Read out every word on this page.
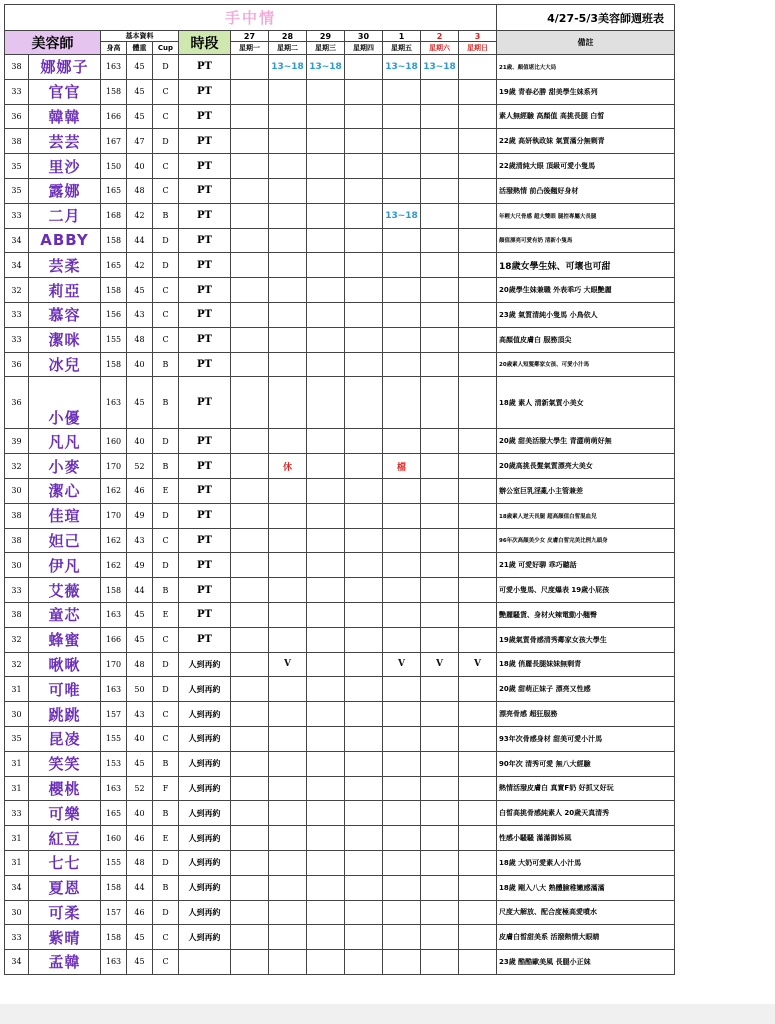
手中情													4/27-5/3美容師週班表
美容師		基本資料			時段	27	28	29	30	1	2	3	備註
		身高	體重	Cup		星期一	星期二	星期三	星期四	星期五	星期六	星期日	
38	娜娜子	163	45	D	PT		13~18	13~18		13~18	13~18		21歲、顏值堪比大大局
33	官官	158	45	C	PT								19歲 青春必勝 甜美學生妹系列
36	韓韓	166	45	C	PT								素人無經驗 高顏值 高挑長腿 白皙
38	芸芸	167	47	D	PT								22歲 高妍執政妹 氣質滿分無剩青
35	里沙	150	40	C	PT								22歲清純大眼 頂級可愛小隻馬
35	露娜	165	48	C	PT								活潑熱情 前凸後翹好身材
33	二月	168	42	B	PT					13~18			年輕大尺骨感 超大雙眼 腿控專屬大長腿
34	ABBY	158	44	D	PT								顏值漂亮可愛有奶 清新小隻馬
34	芸柔	165	42	D	PT								18歲女學生妹、可壞也可甜
32	莉亞	158	45	C	PT								20歲學生妹兼職 外表乖巧 大眼艷麗
33	慕容	156	43	C	PT								23歲 氣質清純小隻馬 小鳥依人
33	潔咪	155	48	C	PT								高顏值皮膚白 服務頂尖
36	冰兒	158	40	B	PT								20歲素人短髮鄰家女孩、可愛小汁馬
36	小優	163	45	B	PT								18歲 素人 清新氣質小美女
39	凡凡	160	40	D	PT								20歲 甜美活潑大學生 青澀萌萌好無
32	小麥	170	52	B	PT		休			檔			20歲高挑長髮氣質漂亮大美女
30	潔心	162	46	E	PT								辦公室巨乳淫亂小主管兼差
38	佳瑄	170	49	D	PT								18歲素人逆天長腿 超高顏值白皙混血兒
38	妲己	162	43	C	PT								96年次高顏美少女 皮膚白皙完美比例九頭身
30	伊凡	162	49	D	PT								21歲 可愛好聊 乖巧聽話
33	艾薇	158	44	B	PT								可愛小隻馬、尺度爆表 19歲小屁孩
38	童芯	163	45	E	PT								艷麗騷貨、身材火辣電動小翹臀
32	蜂蜜	166	45	C	PT								19歲氣質骨感清秀鄰家女孩大學生
32	啾啾	170	48	D	人到再約		V			V	V	V	18歲 俏麗長腿妹妹無剩青
31	可唯	163	50	D	人到再約								20歲 甜萌正妹子 漂亮又性感
30	跳跳	157	43	C	人到再約								漂亮骨感 超狂服務
35	昆凌	155	40	C	人到再約								93年次骨感身材 甜美可愛小汁馬
31	笑笑	153	45	B	人到再約								90年次 清秀可愛 無八大經驗
31	櫻桃	163	52	F	人到再約								熱情活潑皮膚白 真實F奶 好抓又好玩
33	可樂	165	40	B	人到再約								白皙高挑骨感純素人 20歲天真清秀
31	紅豆	160	46	E	人到再約								性感小騷騷 滿滿御姊風
31	七七	155	48	D	人到再約								18歲 大奶可愛素人小汁馬
34	夏恩	158	44	B	人到再約								18歲 剛入八大 熟體臉稚嫩感滿滿
30	可柔	157	46	D	人到再約								尺度大解放、配合度極高愛噴水
33	紫晴	158	45	C	人到再約								皮膚白皙甜美系 活潑熱情大眼睛
34	孟韓	163	45	C									23歲 酷酷歐美風 長腿小正妹
